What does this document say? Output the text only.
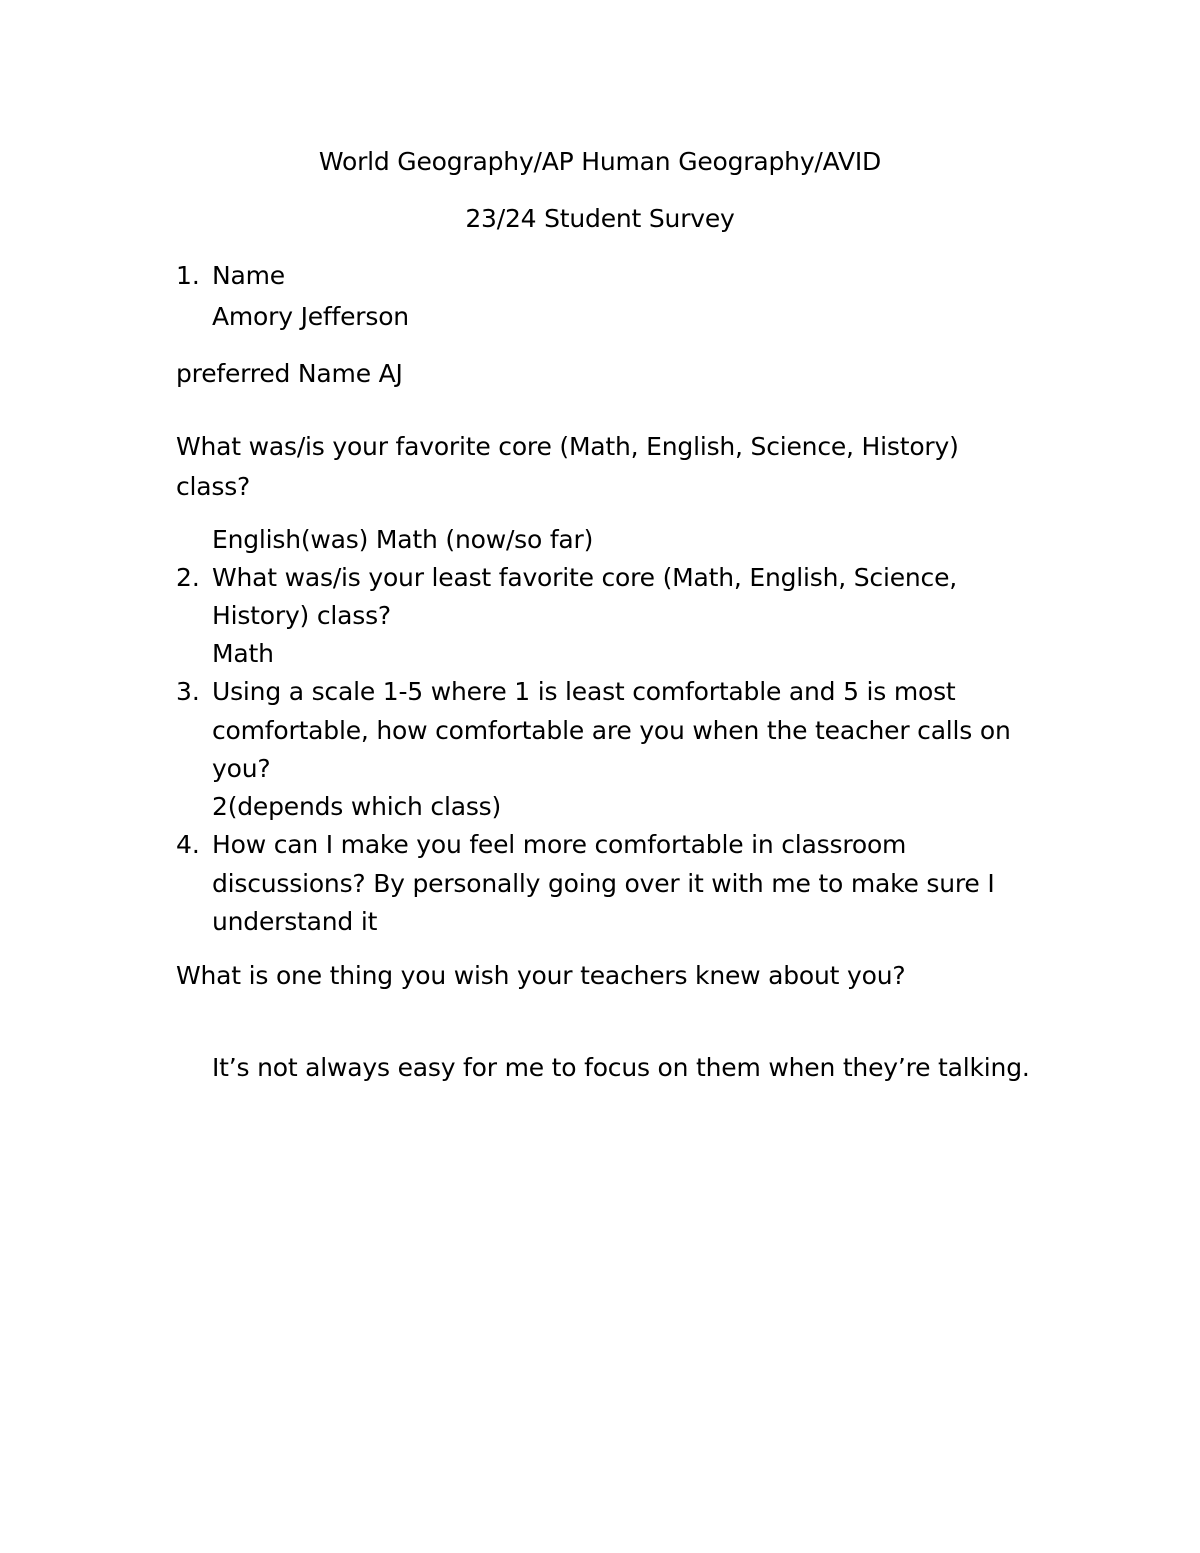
World Geography/AP Human Geography/AVID
23/24 Student Survey
1. Name
Amory Jefferson
preferred Name AJ
What was/is your favorite core (Math, English, Science, History)
class?
English(was) Math (now/so far)
2. What was/is your least favorite core (Math, English, Science,
History) class?
Math
3. Using a scale 1-5 where 1 is least comfortable and 5 is most
comfortable, how comfortable are you when the teacher calls on
you?
2(depends which class)
4. How can I make you feel more comfortable in classroom
discussions? By personally going over it with me to make sure I
understand it
What is one thing you wish your teachers knew about you?
It’s not always easy for me to focus on them when they’re talking.
